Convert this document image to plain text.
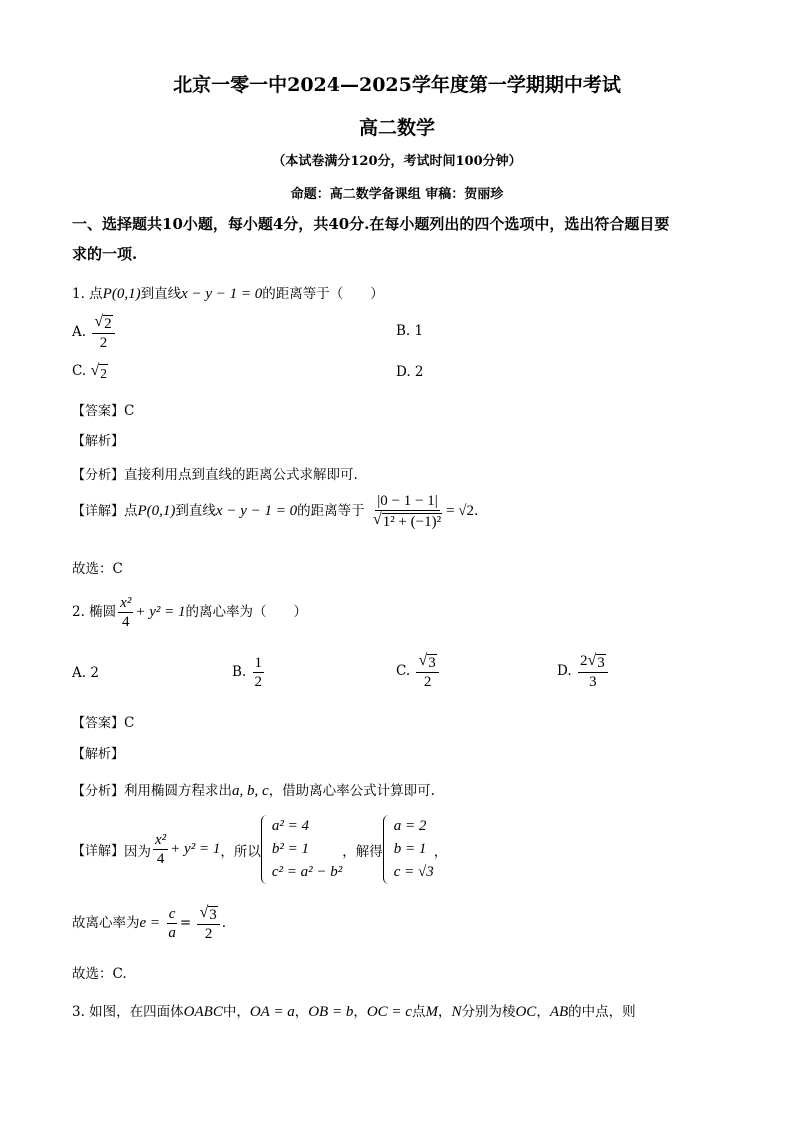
北京一零一中2024—2025学年度第一学期期中考试
高二数学
（本试卷满分120分，考试时间100分钟）
命题：高二数学备课组 审稿：贺丽珍
一、选择题共10小题，每小题4分，共40分.在每小题列出的四个选项中，选出符合题目要
求的一项.
1. 点P(0,1)到直线x − y − 1 = 0的距离等于（　　）
A. $\frac{√ 2}{2}$	B. 1
C. √ 2	D. 2
【答案】C
【解析】
【分析】直接利用点到直线的距离公式求解即可.
【详解】点P(0,1)到直线x − y − 1 = 0的距离等于 $\frac{|0 - 1 - 1|}{\text{√ 1² + (−1)²}} = √2$.
故选：C
2. 椭圆 $\frac{\text{x²}}{4} + y^2 = 1$的离心率为（　　）
A. 2	B. $\frac{1}{2}$	C. $\frac{√ 3}{2}$	D. $\frac{2 √ 3}{3}$
【答案】C
【解析】
【分析】利用椭圆方程求出a, b, c，借助离心率公式计算即可.
【详解】 因为 $\frac{\text{x²}}{4} + y^2 = 1$ ，所以
a² = 4
b² = 1
c² = a² − b²
，解得
a = 2
b = 1
c = √3
，
故离心率为$e = \frac{c}{a} = \frac{√ 3}{2}$ .
故选：C.
3. 如图，在四面体OABC中，OA = a，OB = b，OC = c点M，N分别为棱OC，AB的中点，则
